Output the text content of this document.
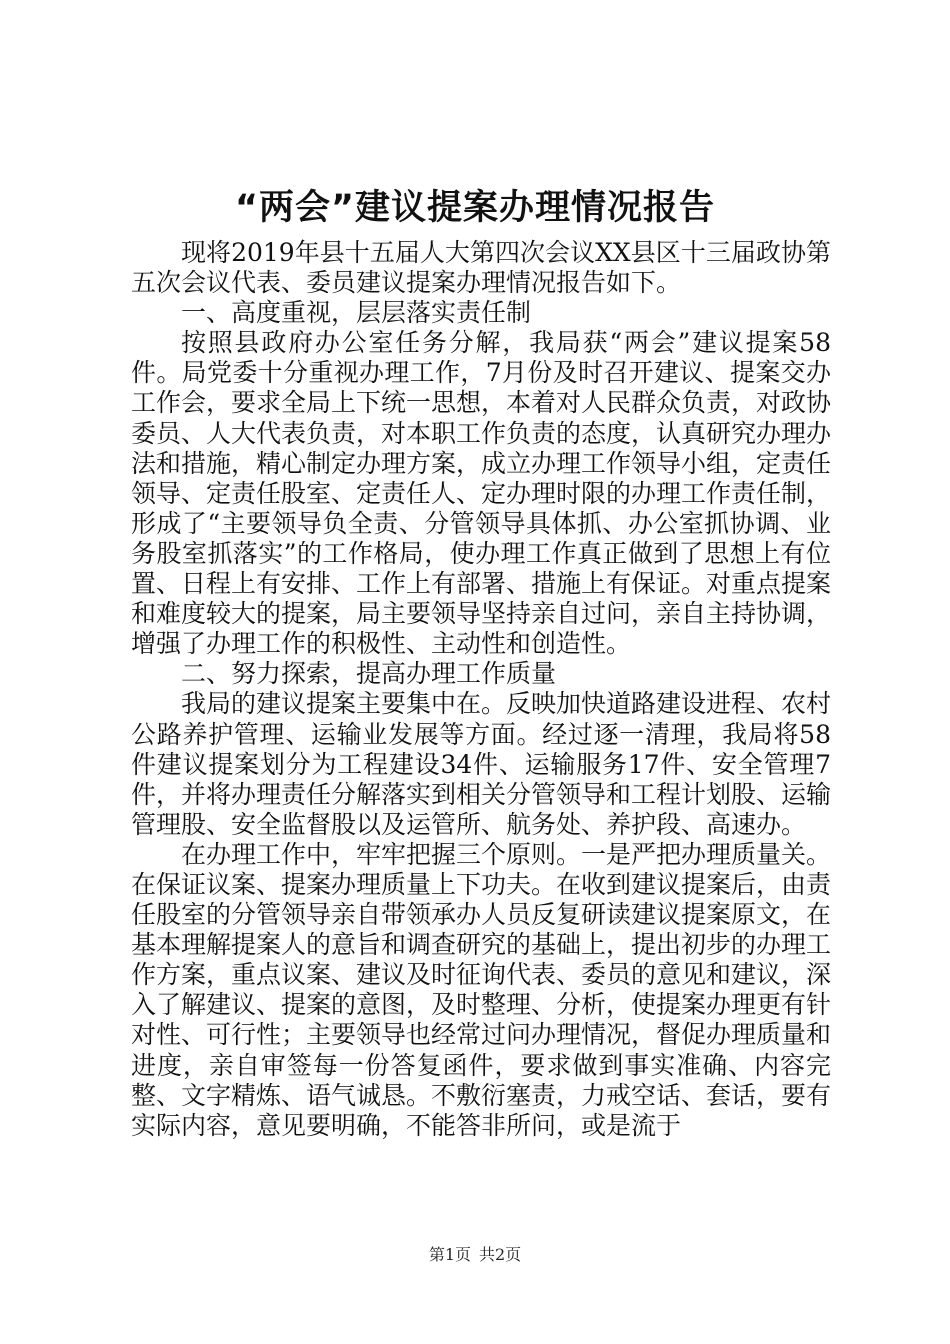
“两会”建议提案办理情况报告

现将2019年县十五届人大第四次会议XX县区十三届政协第五次会议代表、委员建议提案办理情况报告如下。

一、高度重视，层层落实责任制

按照县政府办公室任务分解，我局获“两会”建议提案58件。局党委十分重视办理工作，7月份及时召开建议、提案交办工作会，要求全局上下统一思想，本着对人民群众负责，对政协委员、人大代表负责，对本职工作负责的态度，认真研究办理办法和措施，精心制定办理方案，成立办理工作领导小组，定责任领导、定责任股室、定责任人、定办理时限的办理工作责任制，形成了“主要领导负全责、分管领导具体抓、办公室抓协调、业务股室抓落实”的工作格局，使办理工作真正做到了思想上有位置、日程上有安排、工作上有部署、措施上有保证。对重点提案和难度较大的提案，局主要领导坚持亲自过问，亲自主持协调，增强了办理工作的积极性、主动性和创造性。

二、努力探索，提高办理工作质量

我局的建议提案主要集中在。反映加快道路建设进程、农村公路养护管理、运输业发展等方面。经过逐一清理，我局将58件建议提案划分为工程建设34件、运输服务17件、安全管理7件，并将办理责任分解落实到相关分管领导和工程计划股、运输管理股、安全监督股以及运管所、航务处、养护段、高速办。

在办理工作中，牢牢把握三个原则。一是严把办理质量关。在保证议案、提案办理质量上下功夫。在收到建议提案后，由责任股室的分管领导亲自带领承办人员反复研读建议提案原文，在基本理解提案人的意旨和调查研究的基础上，提出初步的办理工作方案，重点议案、建议及时征询代表、委员的意见和建议，深入了解建议、提案的意图，及时整理、分析，使提案办理更有针对性、可行性；主要领导也经常过问办理情况，督促办理质量和进度，亲自审签每一份答复函件，要求做到事实准确、内容完整、文字精炼、语气诚恳。不敷衍塞责，力戒空话、套话，要有实际内容，意见要明确，不能答非所问，或是流于

第1页 共2页
